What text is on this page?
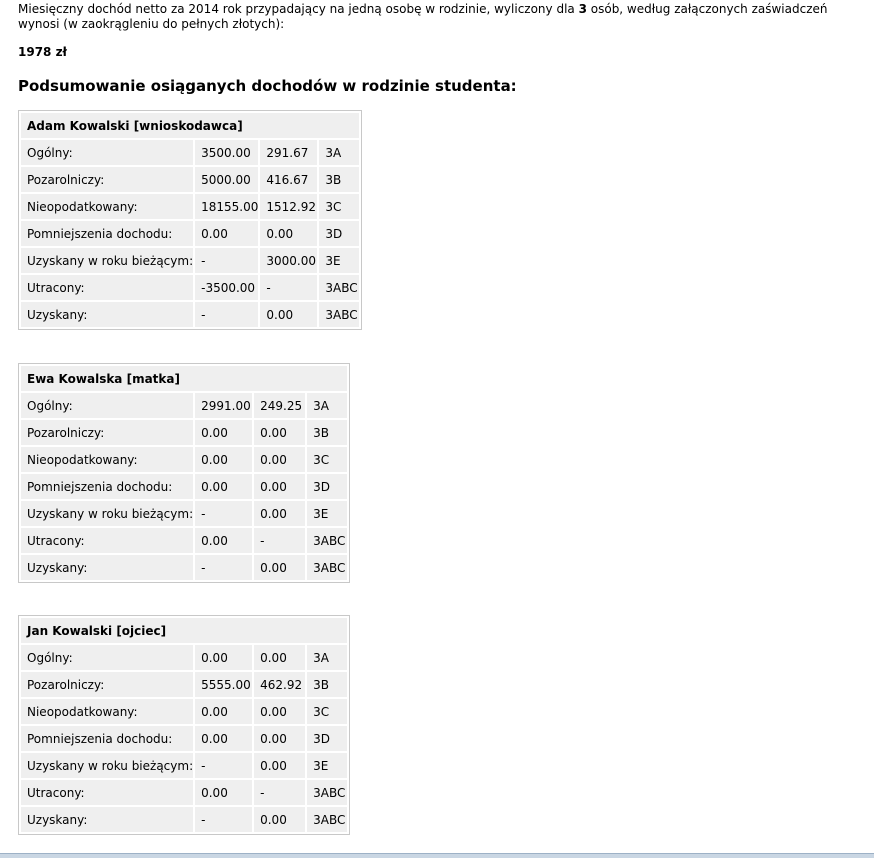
Miesięczny dochód netto za 2014 rok przypadający na jedną osobę w rodzinie, wyliczony dla 3 osób, według załączonych zaświadczeń wynosi (w zaokrągleniu do pełnych złotych):
1978 zł
Podsumowanie osiąganych dochodów w rodzinie studenta:
Adam Kowalski [wnioskodawca]			
Ogólny:	3500.00	291.67	3A
Pozarolniczy:	5000.00	416.67	3B
Nieopodatkowany:	18155.00	1512.92	3C
Pomniejszenia dochodu:	0.00	0.00	3D
Uzyskany w roku bieżącym:	-	3000.00	3E
Utracony:	-3500.00	-	3ABC
Uzyskany:	-	0.00	3ABC
Ewa Kowalska [matka]			
Ogólny:	2991.00	249.25	3A
Pozarolniczy:	0.00	0.00	3B
Nieopodatkowany:	0.00	0.00	3C
Pomniejszenia dochodu:	0.00	0.00	3D
Uzyskany w roku bieżącym:	-	0.00	3E
Utracony:	0.00	-	3ABC
Uzyskany:	-	0.00	3ABC
Jan Kowalski [ojciec]			
Ogólny:	0.00	0.00	3A
Pozarolniczy:	5555.00	462.92	3B
Nieopodatkowany:	0.00	0.00	3C
Pomniejszenia dochodu:	0.00	0.00	3D
Uzyskany w roku bieżącym:	-	0.00	3E
Utracony:	0.00	-	3ABC
Uzyskany:	-	0.00	3ABC
